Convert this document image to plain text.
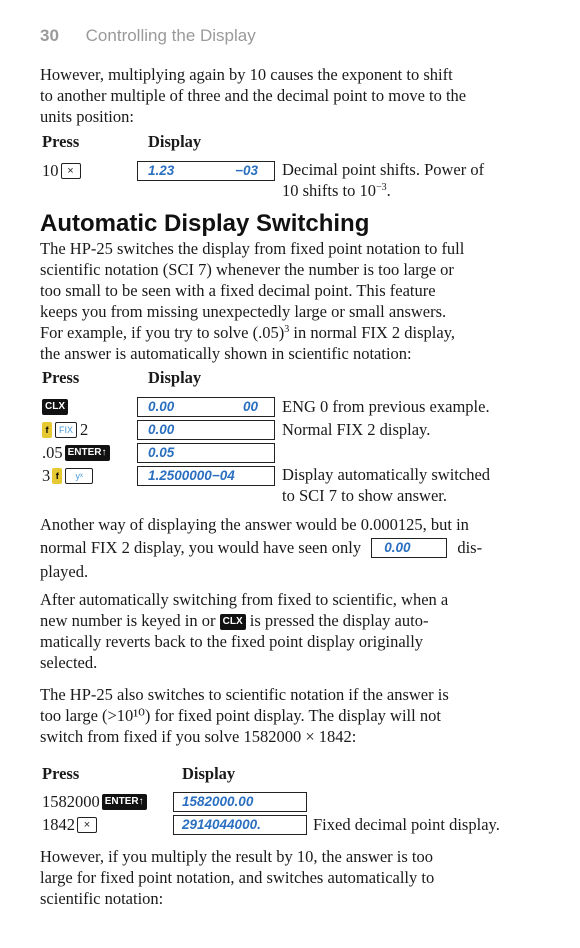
30 Controlling the Display
However, multiplying again by 10 causes the exponent to shift
to another multiple of three and the decimal point to move to the
units position:
Press	Display
10 ×	1.23	−03 Decimal point shifts. Power of
10 shifts to $10^{-3}$.
Automatic Display Switching
The HP-25 switches the display from fixed point notation to full
scientific notation (SCI 7) whenever the number is too large or
too small to be seen with a fixed decimal point. This feature
keeps you from missing unexpectedly large or small answers.
For example, if you try to solve $(.05)^3$ in normal FIX 2 display,
the answer is automatically shown in scientific notation:
Press	Display
CLX	0.00	00 ENG 0 from previous example.
f	FIX 2	0.00	Normal FIX 2 display.
.05 ENTER↑	0.05
3 f	yˣ	1.2500000−04	Display automatically switched
to SCI 7 to show answer.
Another way of displaying the answer would be 0.000125, but in
normal FIX 2 display, you would have seen only 0.00	dis-
played.
After automatically switching from fixed to scientific, when a
new number is keyed in or CLX is pressed the display auto-
matically reverts back to the fixed point display originally
selected.
The HP-25 also switches to scientific notation if the answer is
too large (>10¹⁰) for fixed point display. The display will not
switch from fixed if you solve 1582000 × 1842:
Press	Display
1582000 ENTER↑	1582000.00
1842 ×	2914044000.	Fixed decimal point display.
However, if you multiply the result by 10, the answer is too
large for fixed point notation, and switches automatically to
scientific notation:
